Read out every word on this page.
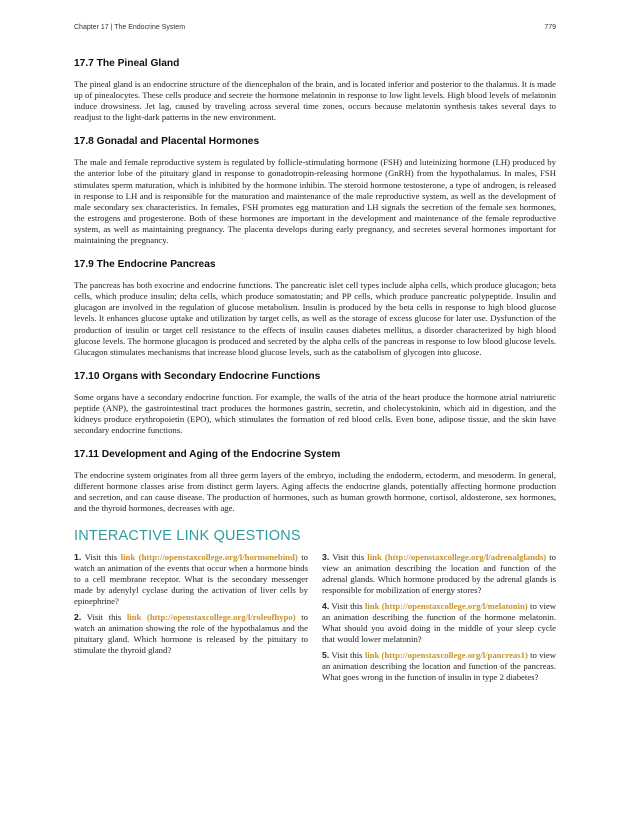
Chapter 17 | The Endocrine System	779
17.7 The Pineal Gland

The pineal gland is an endocrine structure of the diencephalon of the brain, and is located inferior and posterior to the thalamus. It is made up of pinealocytes. These cells produce and secrete the hormone melatonin in response to low light levels. High blood levels of melatonin induce drowsiness. Jet lag, caused by traveling across several time zones, occurs because melatonin synthesis takes several days to readjust to the light-dark patterns in the new environment.

17.8 Gonadal and Placental Hormones

The male and female reproductive system is regulated by follicle-stimulating hormone (FSH) and luteinizing hormone (LH) produced by the anterior lobe of the pituitary gland in response to gonadotropin-releasing hormone (GnRH) from the hypothalamus. In males, FSH stimulates sperm maturation, which is inhibited by the hormone inhibin. The steroid hormone testosterone, a type of androgen, is released in response to LH and is responsible for the maturation and maintenance of the male reproductive system, as well as the development of male secondary sex characteristics. In females, FSH promotes egg maturation and LH signals the secretion of the female sex hormones, the estrogens and progesterone. Both of these hormones are important in the development and maintenance of the female reproductive system, as well as maintaining pregnancy. The placenta develops during early pregnancy, and secretes several hormones important for maintaining the pregnancy.

17.9 The Endocrine Pancreas

The pancreas has both exocrine and endocrine functions. The pancreatic islet cell types include alpha cells, which produce glucagon; beta cells, which produce insulin; delta cells, which produce somatostatin; and PP cells, which produce pancreatic polypeptide. Insulin and glucagon are involved in the regulation of glucose metabolism. Insulin is produced by the beta cells in response to high blood glucose levels. It enhances glucose uptake and utilization by target cells, as well as the storage of excess glucose for later use. Dysfunction of the production of insulin or target cell resistance to the effects of insulin causes diabetes mellitus, a disorder characterized by high blood glucose levels. The hormone glucagon is produced and secreted by the alpha cells of the pancreas in response to low blood glucose levels. Glucagon stimulates mechanisms that increase blood glucose levels, such as the catabolism of glycogen into glucose.

17.10 Organs with Secondary Endocrine Functions

Some organs have a secondary endocrine function. For example, the walls of the atria of the heart produce the hormone atrial natriuretic peptide (ANP), the gastrointestinal tract produces the hormones gastrin, secretin, and cholecystokinin, which aid in digestion, and the kidneys produce erythropoietin (EPO), which stimulates the formation of red blood cells. Even bone, adipose tissue, and the skin have secondary endocrine functions.

17.11 Development and Aging of the Endocrine System

The endocrine system originates from all three germ layers of the embryo, including the endoderm, ectoderm, and mesoderm. In general, different hormone classes arise from distinct germ layers. Aging affects the endocrine glands, potentially affecting hormone production and secretion, and can cause disease. The production of hormones, such as human growth hormone, cortisol, aldosterone, sex hormones, and the thyroid hormones, decreases with age.

INTERACTIVE LINK QUESTIONS

1. Visit this link (http://openstaxcollege.org/l/hormonebind) to watch an animation of the events that occur when a hormone binds to a cell membrane receptor. What is the secondary messenger made by adenylyl cyclase during the activation of liver cells by epinephrine?

2. Visit this link (http://openstaxcollege.org/l/roleofhypo) to watch an animation showing the role of the hypothalamus and the pituitary gland. Which hormone is released by the pituitary to stimulate the thyroid gland?

3. Visit this link (http://openstaxcollege.org/l/adrenalglands) to view an animation describing the location and function of the adrenal glands. Which hormone produced by the adrenal glands is responsible for mobilization of energy stores?

4. Visit this link (http://openstaxcollege.org/l/melatonin) to view an animation describing the function of the hormone melatonin. What should you avoid doing in the middle of your sleep cycle that would lower melatonin?

5. Visit this link (http://openstaxcollege.org/l/pancreas1) to view an animation describing the location and function of the pancreas. What goes wrong in the function of insulin in type 2 diabetes?
